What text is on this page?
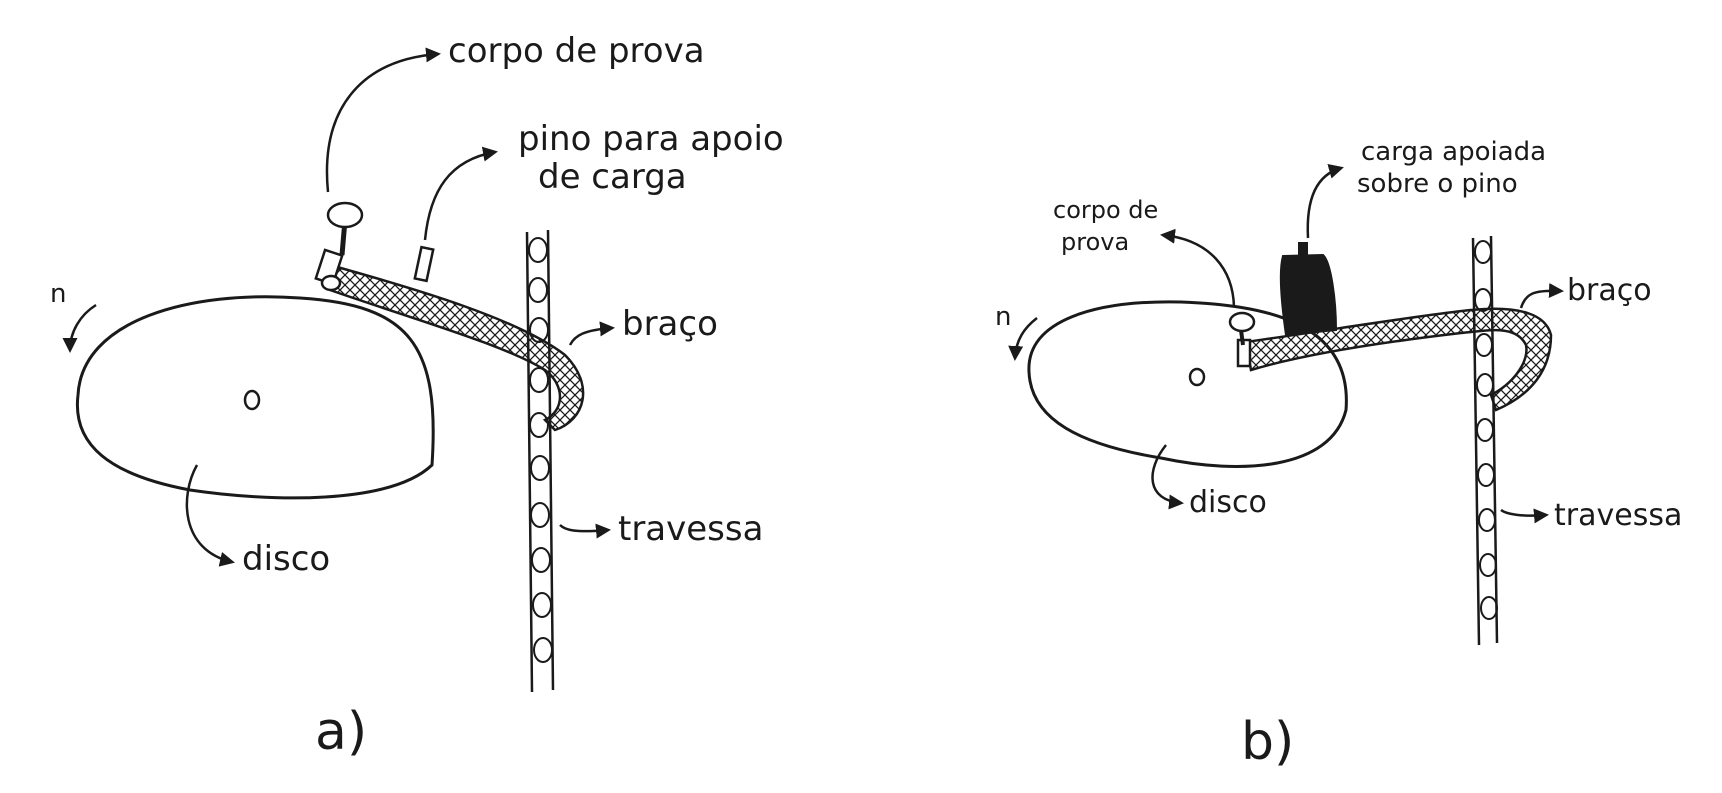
n
corpo de prova
pino para apoio
de carga
braço
travessa
disco
a)
n
corpo de
prova
carga apoiada
sobre o pino
braço
travessa
disco
b)
